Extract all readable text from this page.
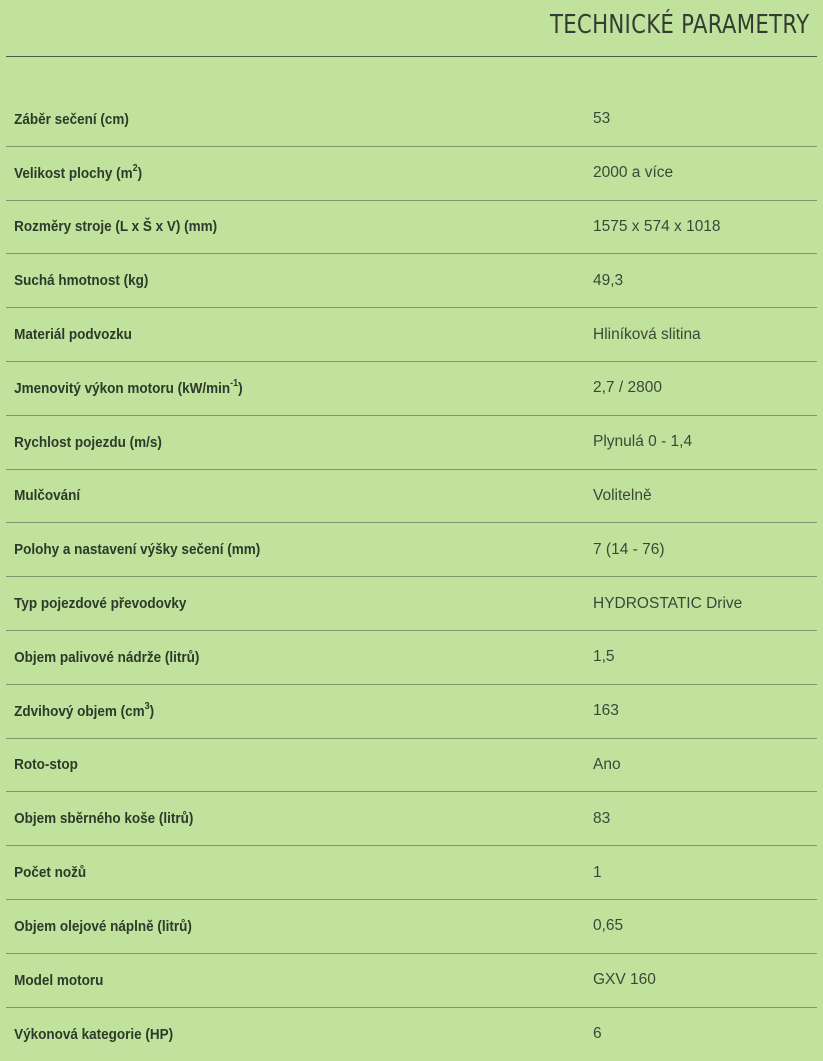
TECHNICKÉ PARAMETRY
Záběr sečení (cm)	53
Velikost plochy $(m^2)$	2000 a více
Rozměry stroje (L x Š x V) (mm)	1575 x 574 x 1018
Suchá hmotnost (kg)	49,3
Materiál podvozku	Hliníková slitina
Jmenovitý výkon motoru $(kW/\min^{-1})$	2,7 / 2800
Rychlost pojezdu (m/s)	Plynulá 0 - 1,4
Mulčování	Volitelně
Polohy a nastavení výšky sečení (mm)	7 (14 - 76)
Typ pojezdové převodovky	HYDROSTATIC Drive
Objem palivové nádrže (litrů)	1,5
Zdvihový objem $(cm^3)$	163
Roto-stop	Ano
Objem sběrného koše (litrů)	83
Počet nožů	1
Objem olejové náplně (litrů)	0,65
Model motoru	GXV 160
Výkonová kategorie (HP)	6
